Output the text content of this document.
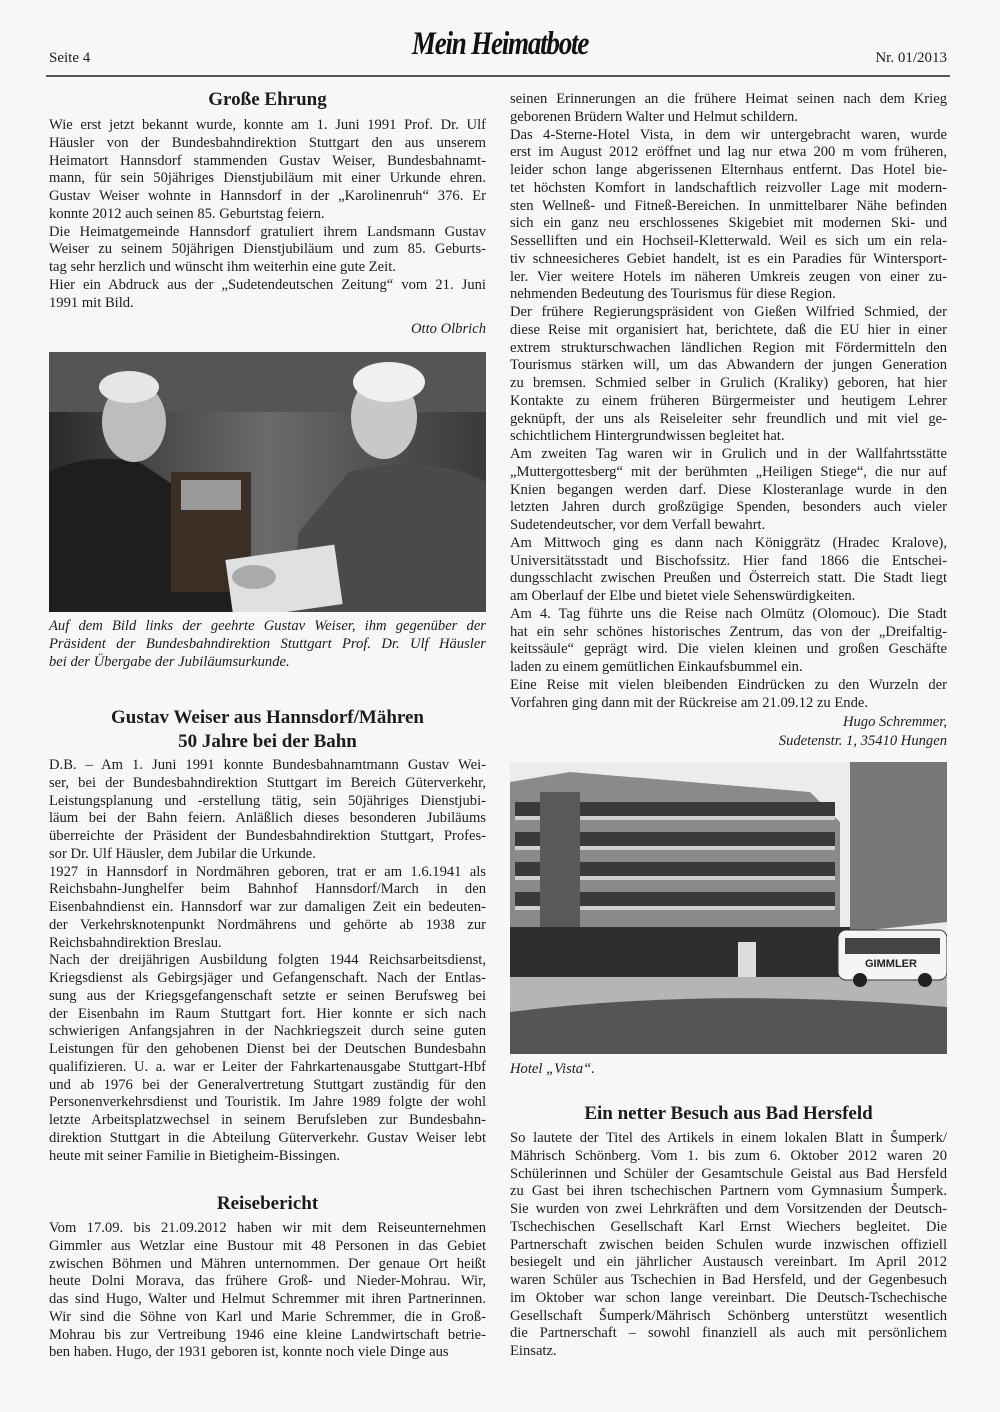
Seite 4	Mein Heimatbote	Nr. 01/2013
Große Ehrung
Wie erst jetzt bekannt wurde, konnte am 1. Juni 1991 Prof. Dr. Ulf
Häusler von der Bundesbahndirektion Stuttgart den aus unserem
Heimatort Hannsdorf stammenden Gustav Weiser, Bundesbahnamt-
mann, für sein 50jähriges Dienstjubiläum mit einer Urkunde ehren.
Gustav Weiser wohnte in Hannsdorf in der „Karolinenruh“ 376. Er
konnte 2012 auch seinen 85. Geburtstag feiern.
Die Heimatgemeinde Hannsdorf gratuliert ihrem Landsmann Gustav
Weiser zu seinem 50jährigen Dienstjubiläum und zum 85. Geburts-
tag sehr herzlich und wünscht ihm weiterhin eine gute Zeit.
Hier ein Abdruck aus der „Sudetendeutschen Zeitung“ vom 21. Juni
1991 mit Bild.
Otto Olbrich
Auf dem Bild links der geehrte Gustav Weiser, ihm gegenüber der
Präsident der Bundesbahndirektion Stuttgart Prof. Dr. Ulf Häusler
bei der Übergabe der Jubiläumsurkunde.
Gustav Weiser aus Hannsdorf/Mähren
50 Jahre bei der Bahn
D.B. – Am 1. Juni 1991 konnte Bundesbahnamtmann Gustav Wei-
ser, bei der Bundesbahndirektion Stuttgart im Bereich Güterverkehr,
Leistungsplanung und -erstellung tätig, sein 50jähriges Dienstjubi-
läum bei der Bahn feiern. Anläßlich dieses besonderen Jubiläums
überreichte der Präsident der Bundesbahndirektion Stuttgart, Profes-
sor Dr. Ulf Häusler, dem Jubilar die Urkunde.
1927 in Hannsdorf in Nordmähren geboren, trat er am 1.6.1941 als
Reichsbahn-Junghelfer beim Bahnhof Hannsdorf/March in den
Eisenbahndienst ein. Hannsdorf war zur damaligen Zeit ein bedeuten-
der Verkehrsknotenpunkt Nordmährens und gehörte ab 1938 zur
Reichsbahndirektion Breslau.
Nach der dreijährigen Ausbildung folgten 1944 Reichsarbeitsdienst,
Kriegsdienst als Gebirgsjäger und Gefangenschaft. Nach der Entlas-
sung aus der Kriegsgefangenschaft setzte er seinen Berufsweg bei
der Eisenbahn im Raum Stuttgart fort. Hier konnte er sich nach
schwierigen Anfangsjahren in der Nachkriegszeit durch seine guten
Leistungen für den gehobenen Dienst bei der Deutschen Bundesbahn
qualifizieren. U. a. war er Leiter der Fahrkartenausgabe Stuttgart-Hbf
und ab 1976 bei der Generalvertretung Stuttgart zuständig für den
Personenverkehrsdienst und Touristik. Im Jahre 1989 folgte der wohl
letzte Arbeitsplatzwechsel in seinem Berufsleben zur Bundesbahn-
direktion Stuttgart in die Abteilung Güterverkehr. Gustav Weiser lebt
heute mit seiner Familie in Bietigheim-Bissingen.
Reisebericht
Vom 17.09. bis 21.09.2012 haben wir mit dem Reiseunternehmen
Gimmler aus Wetzlar eine Bustour mit 48 Personen in das Gebiet
zwischen Böhmen und Mähren unternommen. Der genaue Ort heißt
heute Dolni Morava, das frühere Groß- und Nieder-Mohrau. Wir,
das sind Hugo, Walter und Helmut Schremmer mit ihren Partnerinnen.
Wir sind die Söhne von Karl und Marie Schremmer, die in Groß-
Mohrau bis zur Vertreibung 1946 eine kleine Landwirtschaft betrie-
ben haben. Hugo, der 1931 geboren ist, konnte noch viele Dinge aus
seinen Erinnerungen an die frühere Heimat seinen nach dem Krieg
geborenen Brüdern Walter und Helmut schildern.
Das 4-Sterne-Hotel Vista, in dem wir untergebracht waren, wurde
erst im August 2012 eröffnet und lag nur etwa 200 m vom früheren,
leider schon lange abgerissenen Elternhaus entfernt. Das Hotel bie-
tet höchsten Komfort in landschaftlich reizvoller Lage mit modern-
sten Wellneß- und Fitneß-Bereichen. In unmittelbarer Nähe befinden
sich ein ganz neu erschlossenes Skigebiet mit modernen Ski- und
Sesselliften und ein Hochseil-Kletterwald. Weil es sich um ein rela-
tiv schneesicheres Gebiet handelt, ist es ein Paradies für Wintersport-
ler. Vier weitere Hotels im näheren Umkreis zeugen von einer zu-
nehmenden Bedeutung des Tourismus für diese Region.
Der frühere Regierungspräsident von Gießen Wilfried Schmied, der
diese Reise mit organisiert hat, berichtete, daß die EU hier in einer
extrem strukturschwachen ländlichen Region mit Fördermitteln den
Tourismus stärken will, um das Abwandern der jungen Generation
zu bremsen. Schmied selber in Grulich (Kraliky) geboren, hat hier
Kontakte zu einem früheren Bürgermeister und heutigem Lehrer
geknüpft, der uns als Reiseleiter sehr freundlich und mit viel ge-
schichtlichem Hintergrundwissen begleitet hat.
Am zweiten Tag waren wir in Grulich und in der Wallfahrtsstätte
„Muttergottesberg“ mit der berühmten „Heiligen Stiege“, die nur auf
Knien begangen werden darf. Diese Klosteranlage wurde in den
letzten Jahren durch großzügige Spenden, besonders auch vieler
Sudetendeutscher, vor dem Verfall bewahrt.
Am Mittwoch ging es dann nach Königgrätz (Hradec Kralove),
Universitätsstadt und Bischofssitz. Hier fand 1866 die Entschei-
dungsschlacht zwischen Preußen und Österreich statt. Die Stadt liegt
am Oberlauf der Elbe und bietet viele Sehenswürdigkeiten.
Am 4. Tag führte uns die Reise nach Olmütz (Olomouc). Die Stadt
hat ein sehr schönes historisches Zentrum, das von der „Dreifaltig-
keitssäule“ geprägt wird. Die vielen kleinen und großen Geschäfte
laden zu einem gemütlichen Einkaufsbummel ein.
Eine Reise mit vielen bleibenden Eindrücken zu den Wurzeln der
Vorfahren ging dann mit der Rückreise am 21.09.12 zu Ende.
Hugo Schremmer,
Sudetenstr. 1, 35410 Hungen
GIMMLER
Hotel „Vista“.
Ein netter Besuch aus Bad Hersfeld
So lautete der Titel des Artikels in einem lokalen Blatt in Šumperk/
Mährisch Schönberg. Vom 1. bis zum 6. Oktober 2012 waren 20
Schülerinnen und Schüler der Gesamtschule Geistal aus Bad Hersfeld
zu Gast bei ihren tschechischen Partnern vom Gymnasium Šumperk.
Sie wurden von zwei Lehrkräften und dem Vorsitzenden der Deutsch-
Tschechischen Gesellschaft Karl Ernst Wiechers begleitet. Die
Partnerschaft zwischen beiden Schulen wurde inzwischen offiziell
besiegelt und ein jährlicher Austausch vereinbart. Im April 2012
waren Schüler aus Tschechien in Bad Hersfeld, und der Gegenbesuch
im Oktober war schon lange vereinbart. Die Deutsch-Tschechische
Gesellschaft Šumperk/Mährisch Schönberg unterstützt wesentlich
die Partnerschaft – sowohl finanziell als auch mit persönlichem
Einsatz.
